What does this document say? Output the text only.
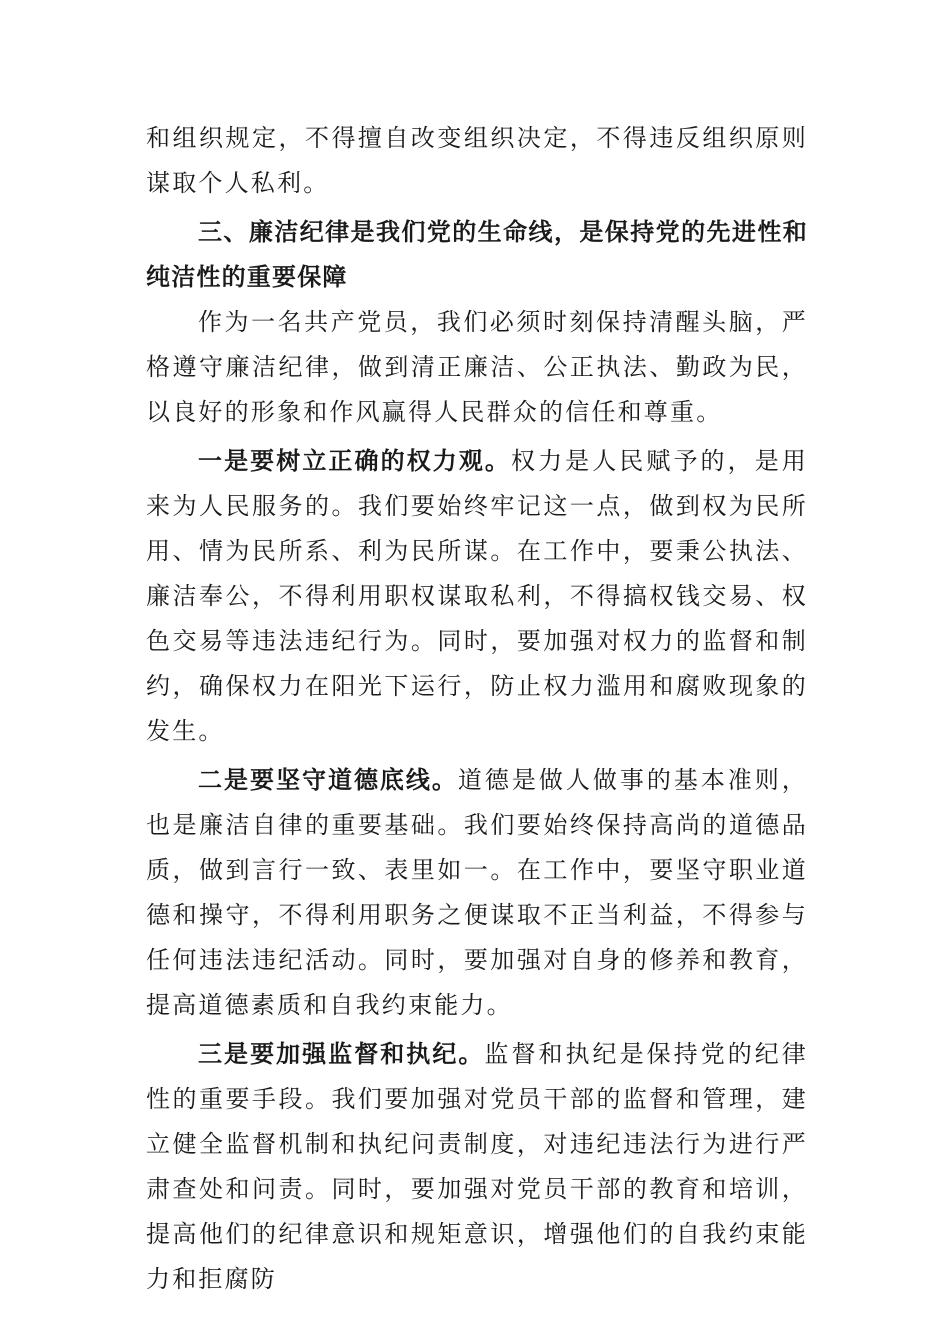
和组织规定，不得擅自改变组织决定，不得违反组织原则谋取个人私利。

三、廉洁纪律是我们党的生命线，是保持党的先进性和纯洁性的重要保障

作为一名共产党员，我们必须时刻保持清醒头脑，严格遵守廉洁纪律，做到清正廉洁、公正执法、勤政为民，以良好的形象和作风赢得人民群众的信任和尊重。

一是要树立正确的权力观。权力是人民赋予的，是用来为人民服务的。我们要始终牢记这一点，做到权为民所用、情为民所系、利为民所谋。在工作中，要秉公执法、廉洁奉公，不得利用职权谋取私利，不得搞权钱交易、权色交易等违法违纪行为。同时，要加强对权力的监督和制约，确保权力在阳光下运行，防止权力滥用和腐败现象的发生。

二是要坚守道德底线。道德是做人做事的基本准则，也是廉洁自律的重要基础。我们要始终保持高尚的道德品质，做到言行一致、表里如一。在工作中，要坚守职业道德和操守，不得利用职务之便谋取不正当利益，不得参与任何违法违纪活动。同时，要加强对自身的修养和教育，提高道德素质和自我约束能力。

三是要加强监督和执纪。监督和执纪是保持党的纪律性的重要手段。我们要加强对党员干部的监督和管理，建立健全监督机制和执纪问责制度，对违纪违法行为进行严肃查处和问责。同时，要加强对党员干部的教育和培训，提高他们的纪律意识和规矩意识，增强他们的自我约束能力和拒腐防
